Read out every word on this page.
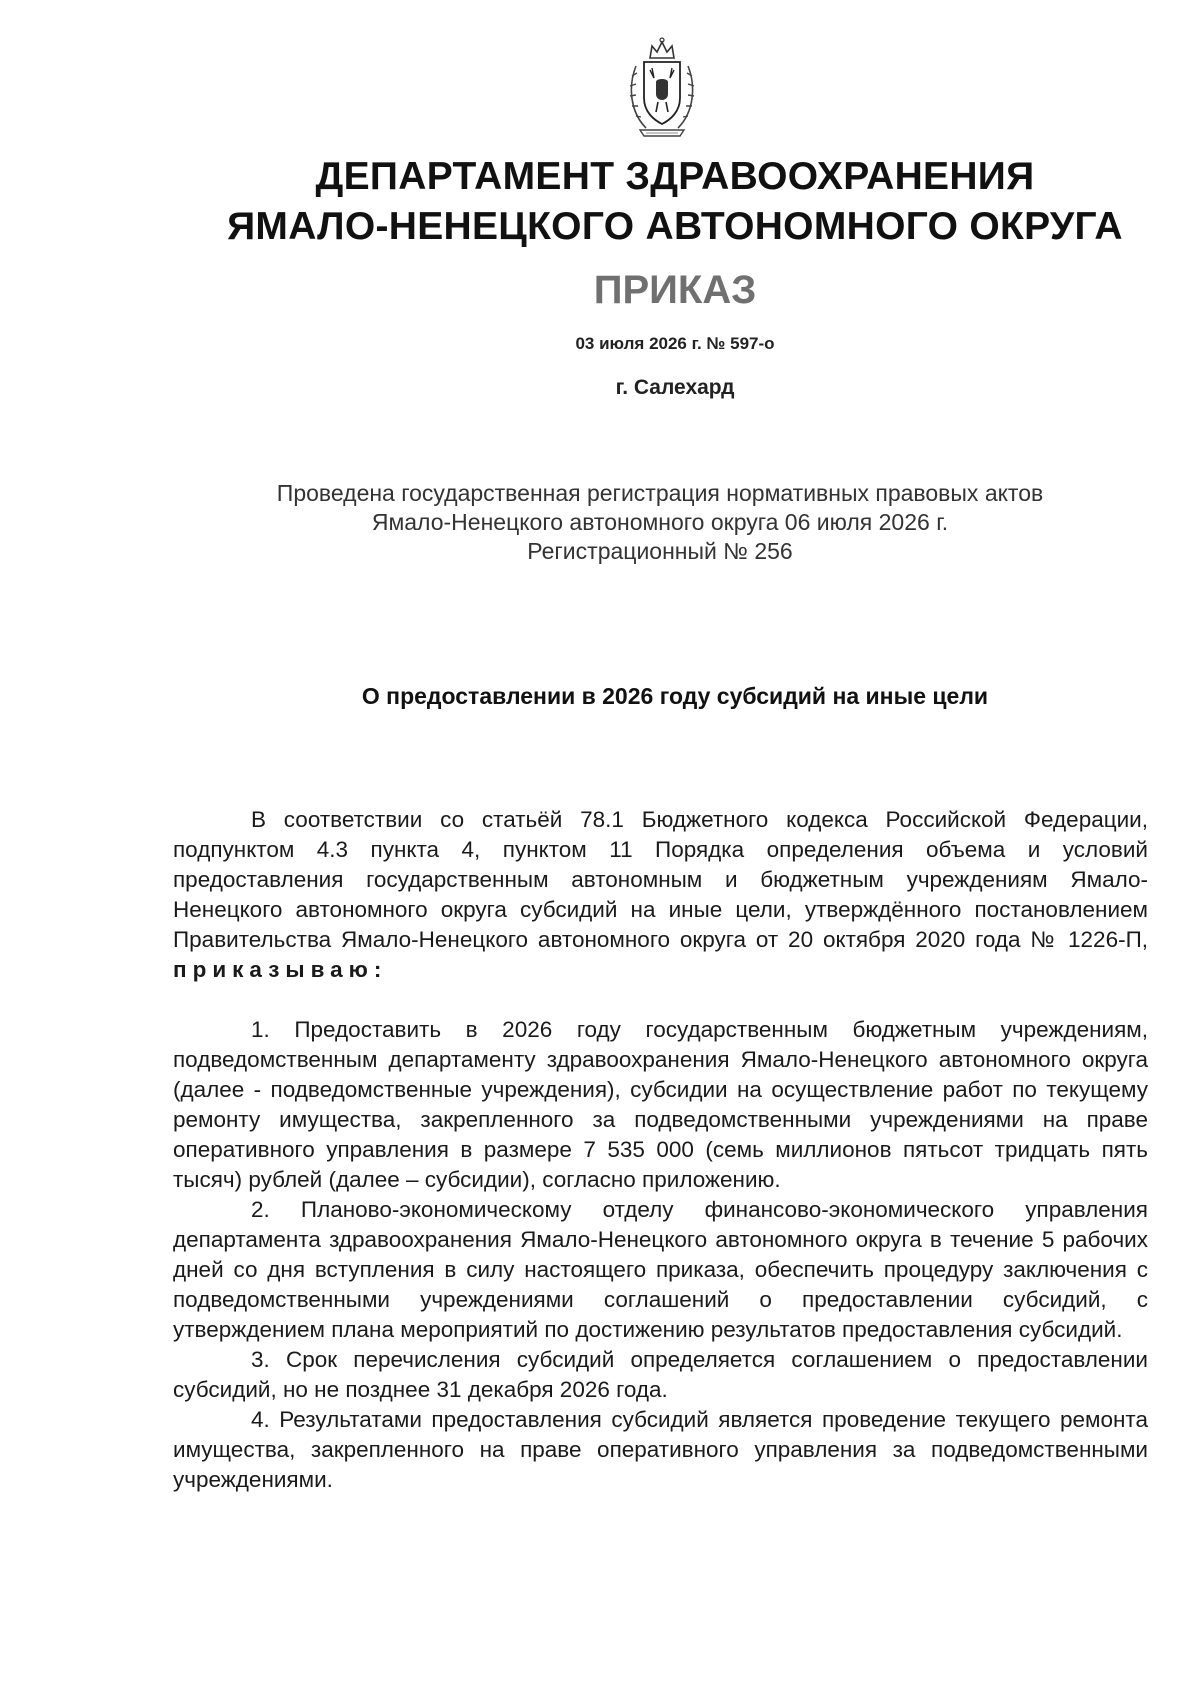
ДЕПАРТАМЕНТ ЗДРАВООХРАНЕНИЯ
ЯМАЛО-НЕНЕЦКОГО АВТОНОМНОГО ОКРУГА
ПРИКАЗ
03 июля 2026 г. № 597-о
г. Салехард
Проведена государственная регистрация нормативных правовых актов
Ямало-Ненецкого автономного округа 06 июля 2026 г.
Регистрационный № 256
О предоставлении в 2026 году субсидий на иные цели

В соответствии со статьёй 78.1 Бюджетного кодекса Российской Федерации, подпунктом 4.3 пункта 4, пунктом 11 Порядка определения объема и условий предоставления государственным автономным и бюджетным учреждениям Ямало-Ненецкого автономного округа субсидий на иные цели, утверждённого постановлением Правительства Ямало-Ненецкого автономного округа от 20 октября 2020 года № 1226-П, приказываю:

1. Предоставить в 2026 году государственным бюджетным учреждениям, подведомственным департаменту здравоохранения Ямало-Ненецкого автономного округа (далее - подведомственные учреждения), субсидии на осуществление работ по текущему ремонту имущества, закрепленного за подведомственными учреждениями на праве оперативного управления в размере 7 535 000 (семь миллионов пятьсот тридцать пять тысяч) рублей (далее – субсидии), согласно приложению.

2. Планово-экономическому отделу финансово-экономического управления департамента здравоохранения Ямало-Ненецкого автономного округа в течение 5 рабочих дней со дня вступления в силу настоящего приказа, обеспечить процедуру заключения с подведомственными учреждениями соглашений о предоставлении субсидий, с утверждением плана мероприятий по достижению результатов предоставления субсидий.

3. Срок перечисления субсидий определяется соглашением о предоставлении субсидий, но не позднее 31 декабря 2026 года.

4. Результатами предоставления субсидий является проведение текущего ремонта имущества, закрепленного на праве оперативного управления за подведомственными учреждениями.
